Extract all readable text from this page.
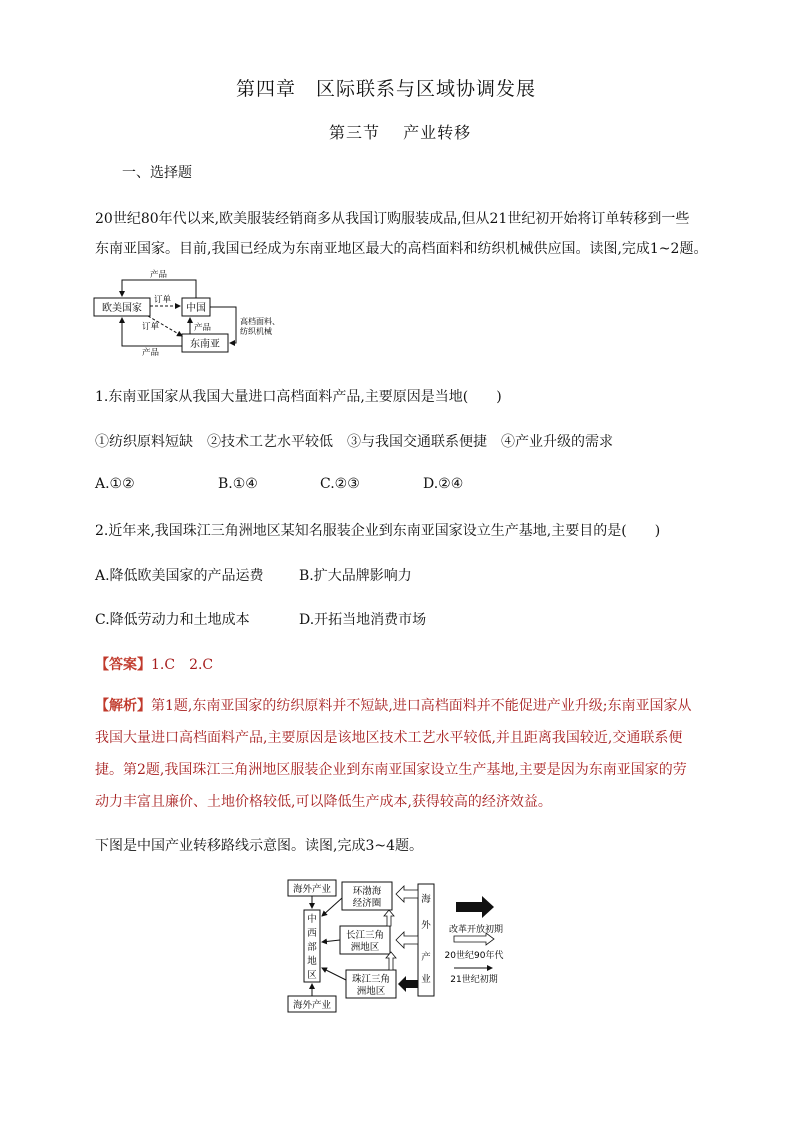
第四章　区际联系与区域协调发展
第三节　 产业转移
一、选择题
20世纪80年代以来,欧美服装经销商多从我国订购服装成品,但从21世纪初开始将订单转移到一些
东南亚国家。目前,我国已经成为东南亚地区最大的高档面料和纺织机械供应国。读图,完成1~2题。
欧美国家	中国
东南亚
产品
订单
订单	产品
产品
高档面料、
纺织机械
1.东南亚国家从我国大量进口高档面料产品,主要原因是当地(　　)
①纺织原料短缺　②技术工艺水平较低　③与我国交通联系便捷　④产业升级的需求
A.①②	B.①④	C.②③	D.②④
2.近年来,我国珠江三角洲地区某知名服装企业到东南亚国家设立生产基地,主要目的是(　　)
A.降低欧美国家的产品运费	B.扩大品牌影响力
C.降低劳动力和土地成本	D.开拓当地消费市场
【答案】1.C　2.C
【解析】第1题,东南亚国家的纺织原料并不短缺,进口高档面料并不能促进产业升级;东南亚国家从
我国大量进口高档面料产品,主要原因是该地区技术工艺水平较低,并且距离我国较近,交通联系便
捷。第2题,我国珠江三角洲地区服装企业到东南亚国家设立生产基地,主要是因为东南亚国家的劳
动力丰富且廉价、土地价格较低,可以降低生产成本,获得较高的经济效益。
下图是中国产业转移路线示意图。读图,完成3~4题。
海外产业
海外产业
中
西
部
地
区
环渤海
经济圈
长江三角
洲地区
珠江三角
洲地区
海
外
产
业
改革开放初期
20世纪90年代
21世纪初期
